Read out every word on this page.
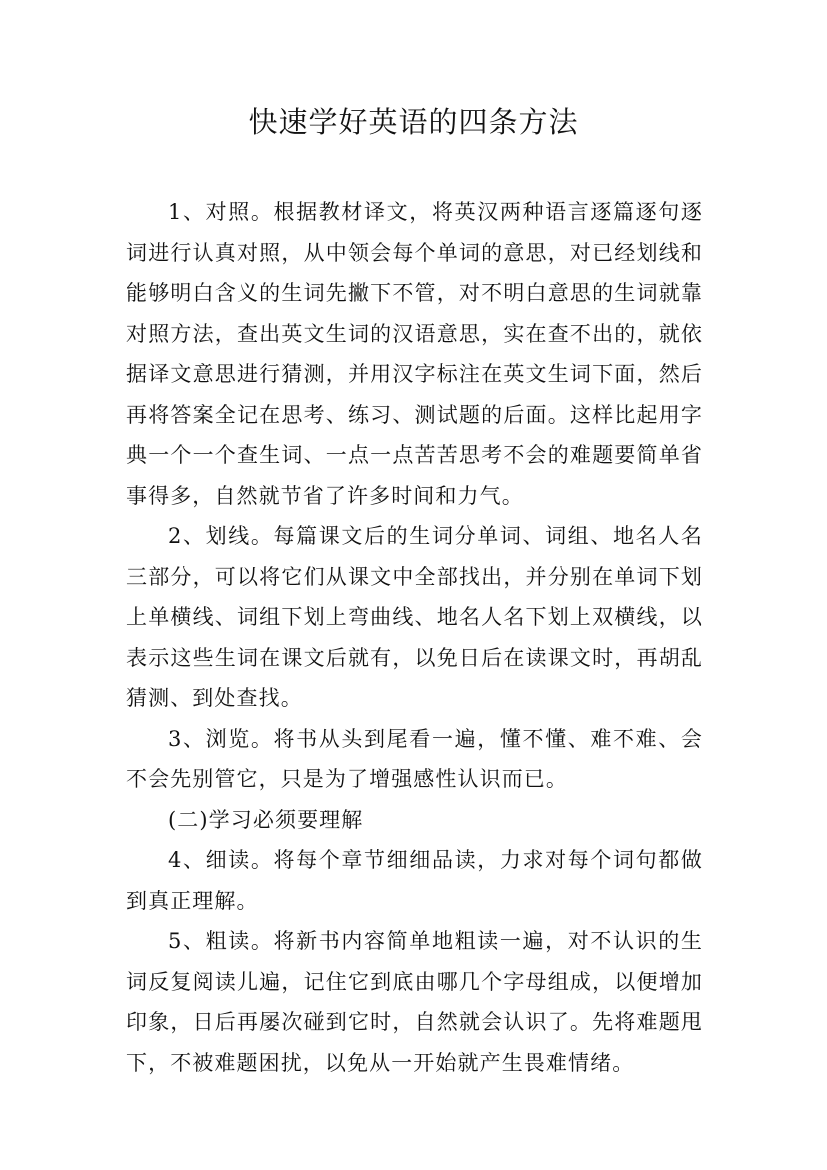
快速学好英语的四条方法

1、对照。根据教材译文，将英汉两种语言逐篇逐句逐词进行认真对照，从中领会每个单词的意思，对已经划线和能够明白含义的生词先撇下不管，对不明白意思的生词就靠对照方法，查出英文生词的汉语意思，实在查不出的，就依据译文意思进行猜测，并用汉字标注在英文生词下面，然后再将答案全记在思考、练习、测试题的后面。这样比起用字典一个一个查生词、一点一点苦苦思考不会的难题要简单省事得多，自然就节省了许多时间和力气。

2、划线。每篇课文后的生词分单词、词组、地名人名三部分，可以将它们从课文中全部找出，并分别在单词下划上单横线、词组下划上弯曲线、地名人名下划上双横线，以表示这些生词在课文后就有，以免日后在读课文时，再胡乱猜测、到处查找。

3、浏览。将书从头到尾看一遍，懂不懂、难不难、会不会先别管它，只是为了增强感性认识而已。

(二)学习必须要理解

4、细读。将每个章节细细品读，力求对每个词句都做到真正理解。

5、粗读。将新书内容简单地粗读一遍，对不认识的生词反复阅读儿遍，记住它到底由哪几个字母组成，以便增加印象，日后再屡次碰到它时，自然就会认识了。先将难题甩下，不被难题困扰，以免从一开始就产生畏难情绪。
